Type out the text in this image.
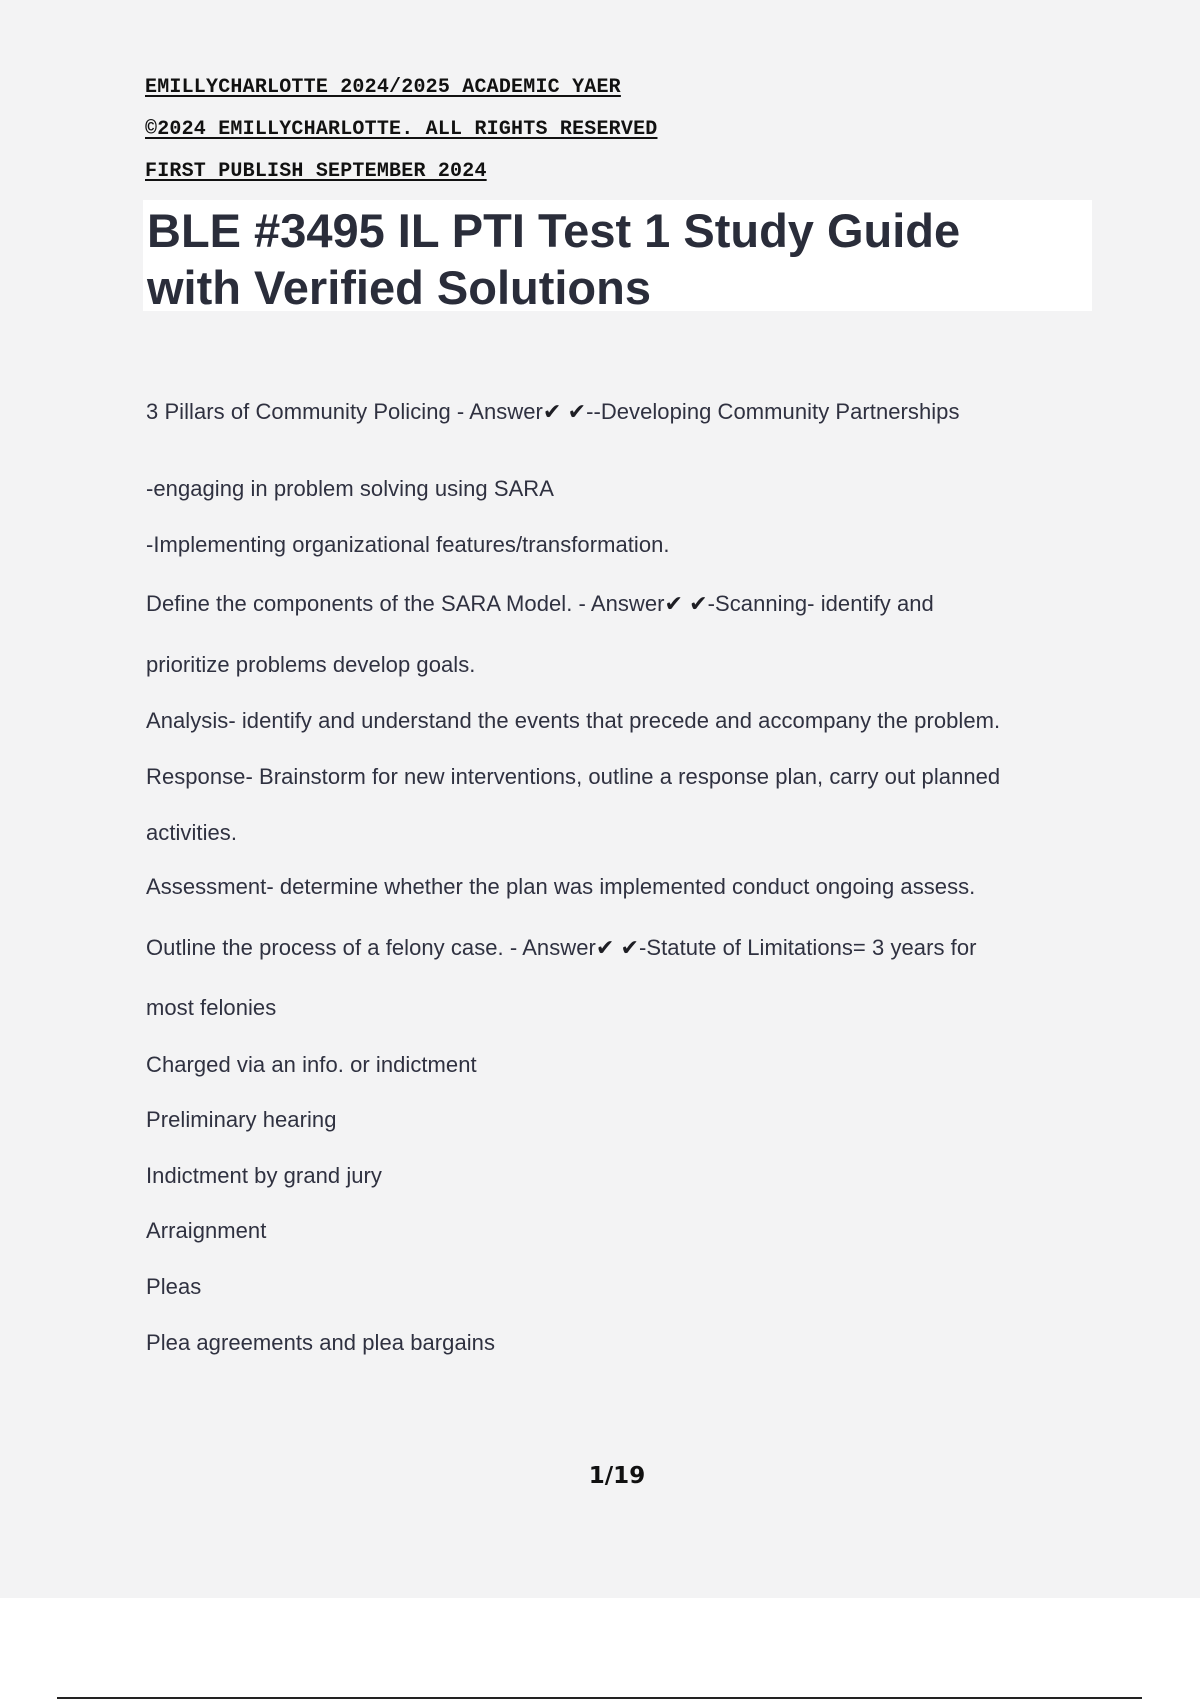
EMILLYCHARLOTTE 2024/2025 ACADEMIC YAER
©2024 EMILLYCHARLOTTE. ALL RIGHTS RESERVED
FIRST PUBLISH SEPTEMBER 2024
BLE #3495 IL PTI Test 1 Study Guide
with Verified Solutions
3 Pillars of Community Policing - Answer✔ ✔--Developing Community Partnerships
-engaging in problem solving using SARA
-Implementing organizational features/transformation.
Define the components of the SARA Model. - Answer✔ ✔-Scanning- identify and
prioritize problems develop goals.
Analysis- identify and understand the events that precede and accompany the problem.
Response- Brainstorm for new interventions, outline a response plan, carry out planned
activities.
Assessment- determine whether the plan was implemented conduct ongoing assess.
Outline the process of a felony case. - Answer✔ ✔-Statute of Limitations= 3 years for
most felonies
Charged via an info. or indictment
Preliminary hearing
Indictment by grand jury
Arraignment
Pleas
Plea agreements and plea bargains
1/19
